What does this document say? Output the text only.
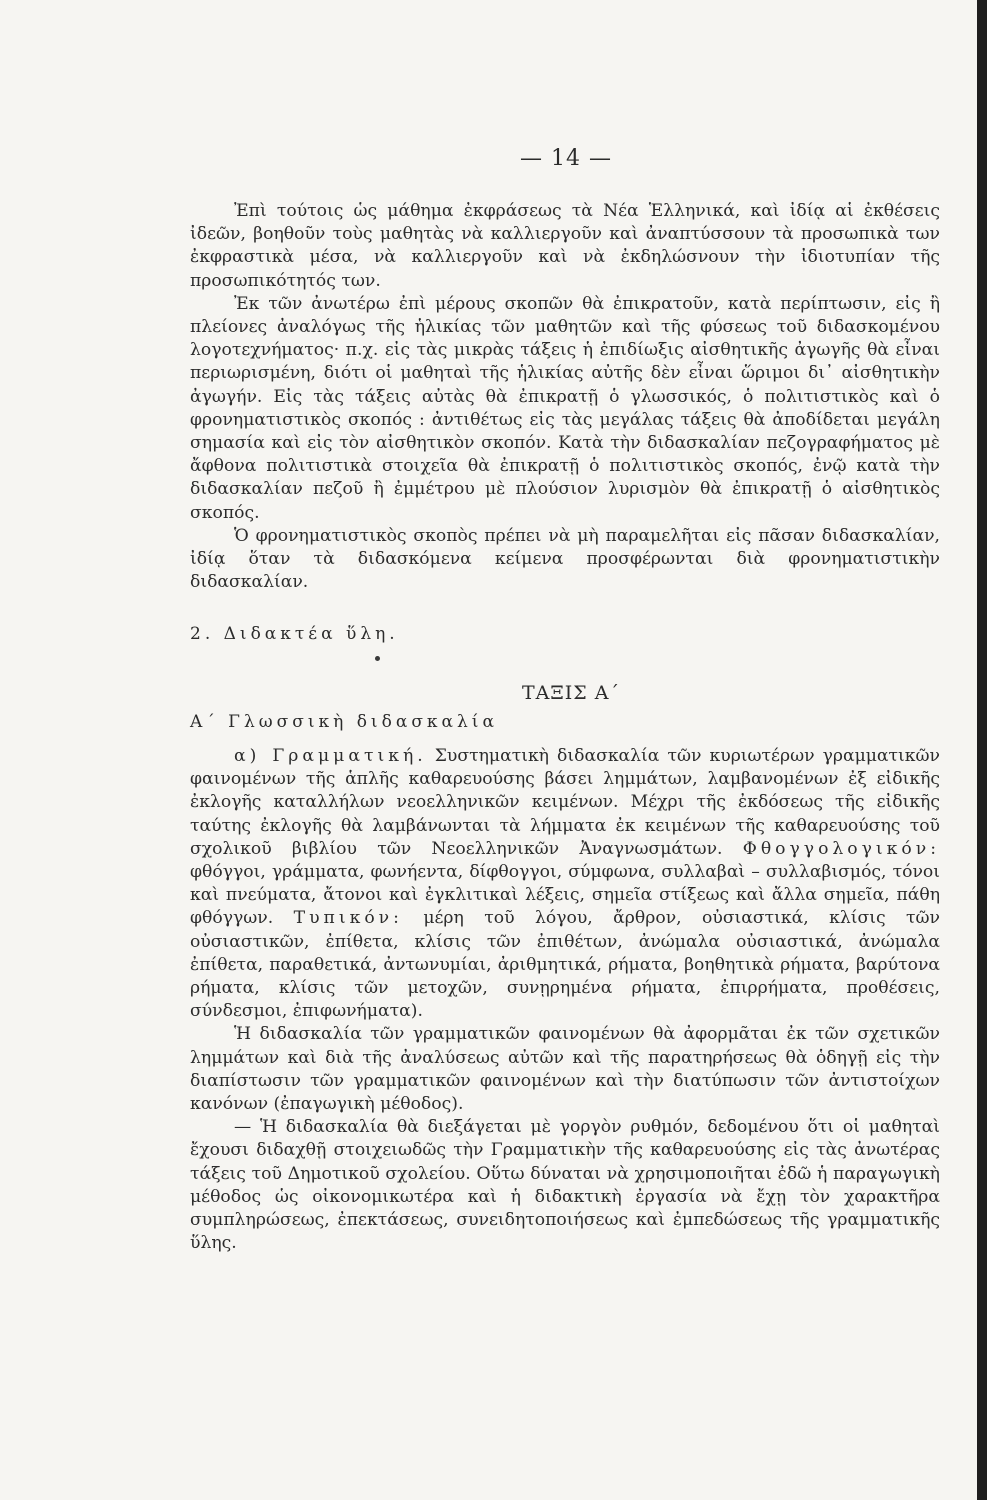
— 14 —

Ἐπὶ τούτοις ὡς μάθημα ἐκφράσεως τὰ Νέα Ἑλληνικά, καὶ ἰδίᾳ αἱ ἐκθέσεις ἰδεῶν, βοηθοῦν τοὺς μαθητὰς νὰ καλλιεργοῦν καὶ ἀναπτύσσουν τὰ προσωπικὰ των ἐκφραστικὰ μέσα, νὰ καλλιεργοῦν καὶ νὰ ἐκδηλώσνουν τὴν ἰδιοτυπίαν τῆς προσωπικότητός των.

Ἐκ τῶν ἀνωτέρω ἐπὶ μέρους σκοπῶν θὰ ἐπικρατοῦν, κατὰ περίπτωσιν, εἰς ἢ πλείονες ἀναλόγως τῆς ἡλικίας τῶν μαθητῶν καὶ τῆς φύσεως τοῦ διδασκομένου λογοτεχνήματος· π.χ. εἰς τὰς μικρὰς τάξεις ἡ ἐπιδίωξις αἰσθητικῆς ἀγωγῆς θὰ εἶναι περιωρισμένη, διότι οἱ μαθηταὶ τῆς ἡλικίας αὐτῆς δὲν εἶναι ὥριμοι δι᾽ αἰσθητικὴν ἀγωγήν. Εἰς τὰς τάξεις αὐτὰς θὰ ἐπικρατῇ ὁ γλωσσικός, ὁ πολιτιστικὸς καὶ ὁ φρονηματιστικὸς σκοπός : ἀντιθέτως εἰς τὰς μεγάλας τάξεις θὰ ἀποδίδεται μεγάλη σημασία καὶ εἰς τὸν αἰσθητικὸν σκοπόν. Κατὰ τὴν διδασκαλίαν πεζογραφήματος μὲ ἄφθονα πολιτιστικὰ στοιχεῖα θὰ ἐπικρατῇ ὁ πολιτιστικὸς σκοπός, ἐνῷ κατὰ τὴν διδασκαλίαν πεζοῦ ἢ ἐμμέτρου μὲ πλούσιον λυρισμὸν θὰ ἐπικρατῇ ὁ αἰσθητικὸς σκοπός.

Ὁ φρονηματιστικὸς σκοπὸς πρέπει νὰ μὴ παραμελῆται εἰς πᾶσαν διδασκαλίαν, ἰδίᾳ ὅταν τὰ διδασκόμενα κείμενα προσφέρωνται διὰ φρονηματιστικὴν διδασκαλίαν.

2. Διδακτέα ὕλη.
ΤΑΞΙΣ Α΄
Α΄ Γλωσσικὴ διδασκαλία

α) Γραμματική. Συστηματικὴ διδασκαλία τῶν κυριωτέρων γραμματικῶν φαινομένων τῆς ἁπλῆς καθαρευούσης βάσει λημμάτων, λαμβανομένων ἐξ εἰδικῆς ἐκλογῆς καταλλήλων νεοελληνικῶν κειμένων. Μέχρι τῆς ἐκδόσεως τῆς εἰδικῆς ταύτης ἐκλογῆς θὰ λαμβάνωνται τὰ λήμματα ἐκ κειμένων τῆς καθαρευούσης τοῦ σχολικοῦ βιβλίου τῶν Νεοελληνικῶν Ἀναγνωσμάτων. Φθογγολογικόν: φθόγγοι, γράμματα, φωνήεντα, δίφθογγοι, σύμφωνα, συλλαβαὶ – συλλαβισμός, τόνοι καὶ πνεύματα, ἄτονοι καὶ ἐγκλιτικαὶ λέξεις, σημεῖα στίξεως καὶ ἄλλα σημεῖα, πάθη φθόγγων. Τυπικόν: μέρη τοῦ λόγου, ἄρθρον, οὐσιαστικά, κλίσις τῶν οὐσιαστικῶν, ἐπίθετα, κλίσις τῶν ἐπιθέτων, ἀνώμαλα οὐσιαστικά, ἀνώμαλα ἐπίθετα, παραθετικά, ἀντωνυμίαι, ἀριθμητικά, ρήματα, βοηθητικὰ ρήματα, βαρύτονα ρήματα, κλίσις τῶν μετοχῶν, συνῃρημένα ρήματα, ἐπιρρήματα, προθέσεις, σύνδεσμοι, ἐπιφωνήματα).

Ἡ διδασκαλία τῶν γραμματικῶν φαινομένων θὰ ἀφορμᾶται ἐκ τῶν σχετικῶν λημμάτων καὶ διὰ τῆς ἀναλύσεως αὐτῶν καὶ τῆς παρατηρήσεως θὰ ὁδηγῇ εἰς τὴν διαπίστωσιν τῶν γραμματικῶν φαινομένων καὶ τὴν διατύπωσιν τῶν ἀντιστοίχων κανόνων (ἐπαγωγικὴ μέθοδος).

— Ἡ διδασκαλία θὰ διεξάγεται μὲ γοργὸν ρυθμόν, δεδομένου ὅτι οἱ μαθηταὶ ἔχουσι διδαχθῇ στοιχειωδῶς τὴν Γραμματικὴν τῆς καθαρευούσης εἰς τὰς ἀνωτέρας τάξεις τοῦ Δημοτικοῦ σχολείου. Οὕτω δύναται νὰ χρησιμοποιῆται ἐδῶ ἡ παραγωγικὴ μέθοδος ὡς οἰκονομικωτέρα καὶ ἡ διδακτικὴ ἐργασία νὰ ἔχῃ τὸν χαρακτῆρα συμπληρώσεως, ἐπεκτάσεως, συνειδητοποιήσεως καὶ ἐμπεδώσεως τῆς γραμματικῆς ὕλης.
